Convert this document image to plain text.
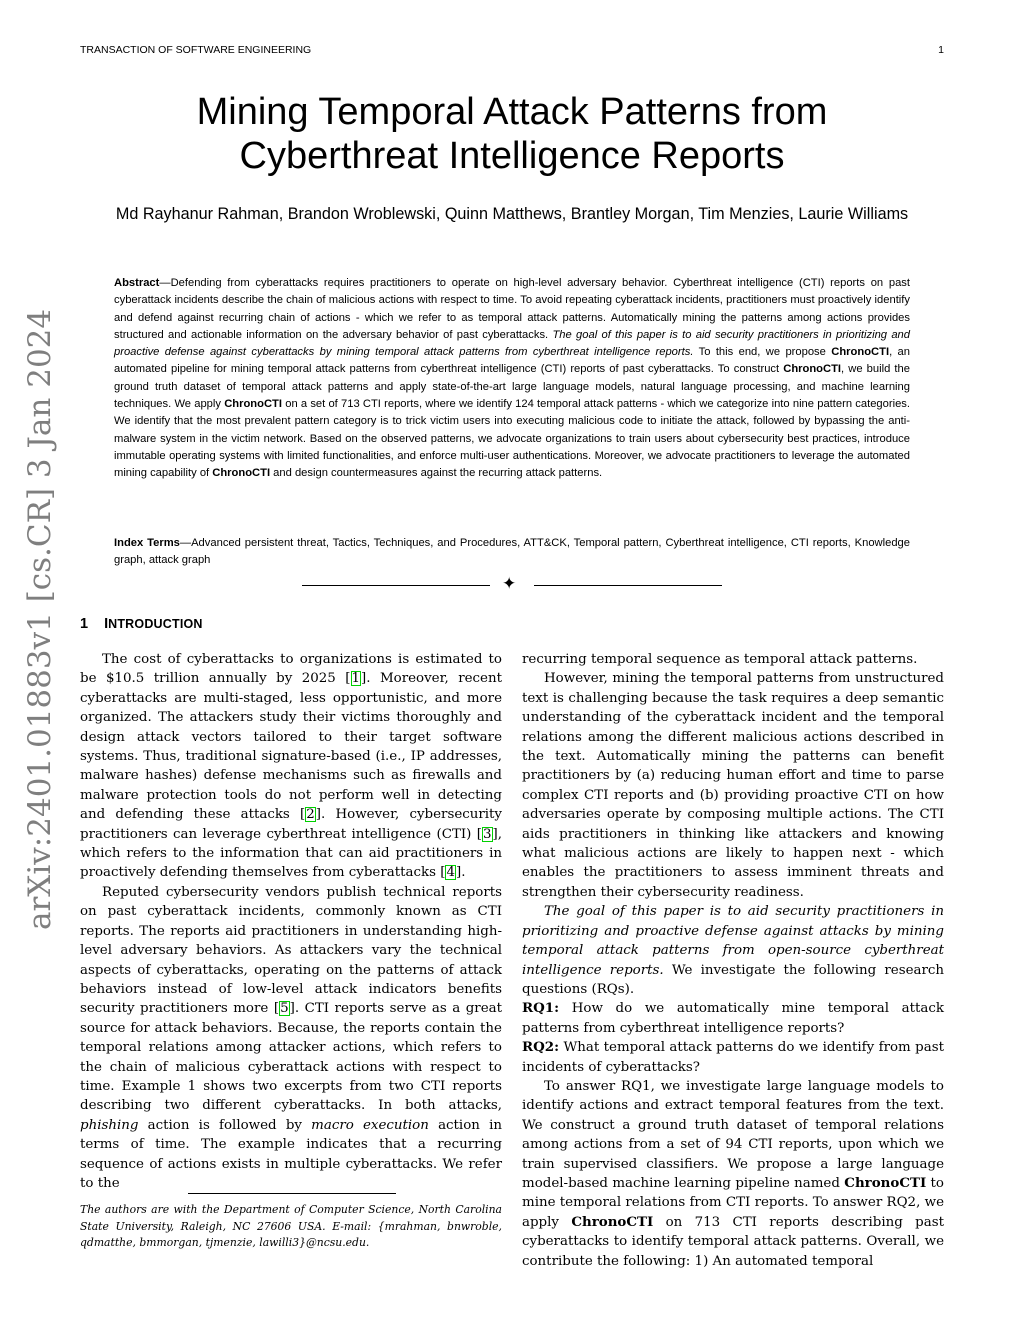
TRANSACTION OF SOFTWARE ENGINEERING	1
arXiv:2401.01883v1 [cs.CR] 3 Jan 2024
Mining Temporal Attack Patterns from Cyberthreat Intelligence Reports
Md Rayhanur Rahman, Brandon Wroblewski, Quinn Matthews, Brantley Morgan, Tim Menzies, Laurie Williams
Abstract—Defending from cyberattacks requires practitioners to operate on high-level adversary behavior. Cyberthreat intelligence (CTI) reports on past cyberattack incidents describe the chain of malicious actions with respect to time. To avoid repeating cyberattack incidents, practitioners must proactively identify and defend against recurring chain of actions - which we refer to as temporal attack patterns. Automatically mining the patterns among actions provides structured and actionable information on the adversary behavior of past cyberattacks. The goal of this paper is to aid security practitioners in prioritizing and proactive defense against cyberattacks by mining temporal attack patterns from cyberthreat intelligence reports. To this end, we propose ChronoCTI, an automated pipeline for mining temporal attack patterns from cyberthreat intelligence (CTI) reports of past cyberattacks. To construct ChronoCTI, we build the ground truth dataset of temporal attack patterns and apply state-of-the-art large language models, natural language processing, and machine learning techniques. We apply ChronoCTI on a set of 713 CTI reports, where we identify 124 temporal attack patterns - which we categorize into nine pattern categories. We identify that the most prevalent pattern category is to trick victim users into executing malicious code to initiate the attack, followed by bypassing the anti-malware system in the victim network. Based on the observed patterns, we advocate organizations to train users about cybersecurity best practices, introduce immutable operating systems with limited functionalities, and enforce multi-user authentications. Moreover, we advocate practitioners to leverage the automated mining capability of ChronoCTI and design countermeasures against the recurring attack patterns.
Index Terms—Advanced persistent threat, Tactics, Techniques, and Procedures, ATT&CK, Temporal pattern, Cyberthreat intelligence, CTI reports, Knowledge graph, attack graph
✦
1 INTRODUCTION

The cost of cyberattacks to organizations is estimated to be $10.5 trillion annually by 2025 [1]. Moreover, recent cyberattacks are multi-staged, less opportunistic, and more organized. The attackers study their victims thoroughly and design attack vectors tailored to their target software systems. Thus, traditional signature-based (i.e., IP addresses, malware hashes) defense mechanisms such as firewalls and malware protection tools do not perform well in detecting and defending these attacks [2]. However, cybersecurity practitioners can leverage cyberthreat intelligence (CTI) [3], which refers to the information that can aid practitioners in proactively defending themselves from cyberattacks [4].

Reputed cybersecurity vendors publish technical reports on past cyberattack incidents, commonly known as CTI reports. The reports aid practitioners in understanding high-level adversary behaviors. As attackers vary the technical aspects of cyberattacks, operating on the patterns of attack behaviors instead of low-level attack indicators benefits security practitioners more [5]. CTI reports serve as a great source for attack behaviors. Because, the reports contain the temporal relations among attacker actions, which refers to the chain of malicious cyberattack actions with respect to time. Example 1 shows two excerpts from two CTI reports describing two different cyberattacks. In both attacks, phishing action is followed by macro execution action in terms of time. The example indicates that a recurring sequence of actions exists in multiple cyberattacks. We refer to the

The authors are with the Department of Computer Science, North Carolina State University, Raleigh, NC 27606 USA. E-mail: {mrahman, bnwroble, qdmatthe, bmmorgan, tjmenzie, lawilli3}@ncsu.edu.

recurring temporal sequence as temporal attack patterns.

However, mining the temporal patterns from unstructured text is challenging because the task requires a deep semantic understanding of the cyberattack incident and the temporal relations among the different malicious actions described in the text. Automatically mining the patterns can benefit practitioners by (a) reducing human effort and time to parse complex CTI reports and (b) providing proactive CTI on how adversaries operate by composing multiple actions. The CTI aids practitioners in thinking like attackers and knowing what malicious actions are likely to happen next - which enables the practitioners to assess imminent threats and strengthen their cybersecurity readiness.

The goal of this paper is to aid security practitioners in prioritizing and proactive defense against attacks by mining temporal attack patterns from open-source cyberthreat intelligence reports. We investigate the following research questions (RQs).

RQ1: How do we automatically mine temporal attack patterns from cyberthreat intelligence reports?

RQ2: What temporal attack patterns do we identify from past incidents of cyberattacks?

To answer RQ1, we investigate large language models to identify actions and extract temporal features from the text. We construct a ground truth dataset of temporal relations among actions from a set of 94 CTI reports, upon which we train supervised classifiers. We propose a large language model-based machine learning pipeline named ChronoCTI to mine temporal relations from CTI reports. To answer RQ2, we apply ChronoCTI on 713 CTI reports describing past cyberattacks to identify temporal attack patterns. Overall, we contribute the following: 1) An automated temporal
